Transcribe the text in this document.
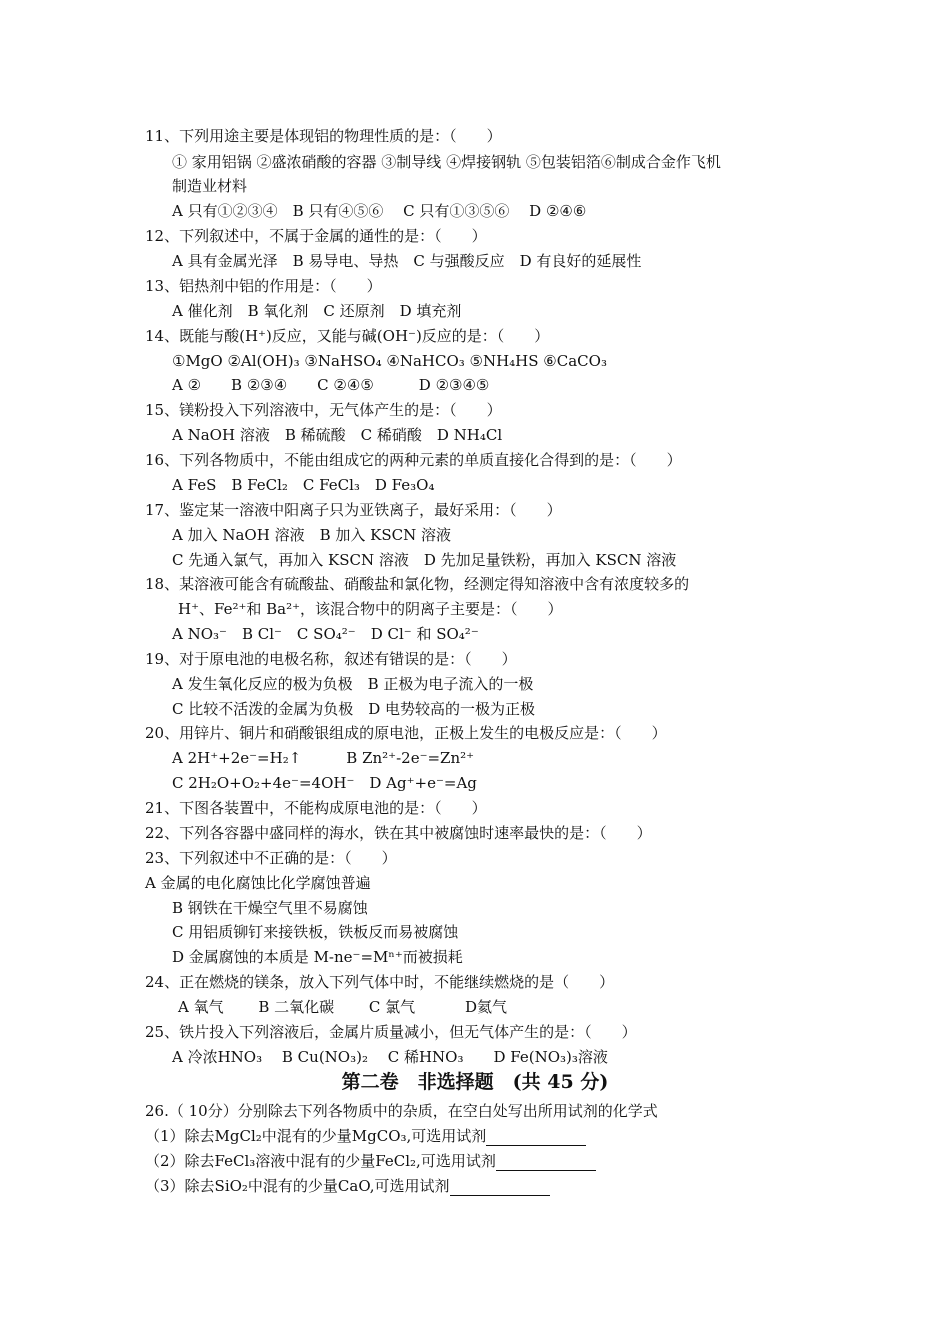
11、下列用途主要是体现铝的物理性质的是：（　　）
① 家用铝锅 ②盛浓硝酸的容器 ③制导线 ④焊接钢轨 ⑤包装铝箔⑥制成合金作飞机
制造业材料
A 只有①②③④　B 只有④⑤⑥　 C 只有①③⑤⑥　 D ②④⑥
12、下列叙述中，不属于金属的通性的是：（　　）
A 具有金属光泽　B 易导电、导热　C 与强酸反应　D 有良好的延展性
13、铝热剂中铝的作用是：（　　）
A 催化剂　B 氧化剂　C 还原剂　D 填充剂
14、既能与酸(H⁺)反应，又能与碱(OH⁻)反应的是：（　　）
①MgO ②Al(OH)₃ ③NaHSO₄ ④NaHCO₃ ⑤NH₄HS ⑥CaCO₃
A ②　　B ②③④　　C ②④⑤　　　D ②③④⑤
15、镁粉投入下列溶液中，无气体产生的是：（　　）
A NaOH 溶液　B 稀硫酸　C 稀硝酸　D NH₄Cl
16、下列各物质中，不能由组成它的两种元素的单质直接化合得到的是：（　　）
A FeS　B FeCl₂　C FeCl₃　D Fe₃O₄
17、鉴定某一溶液中阳离子只为亚铁离子，最好采用：（　　）
A 加入 NaOH 溶液　B 加入 KSCN 溶液
C 先通入氯气，再加入 KSCN 溶液　D 先加足量铁粉，再加入 KSCN 溶液
18、某溶液可能含有硫酸盐、硝酸盐和氯化物，经测定得知溶液中含有浓度较多的
H⁺、Fe²⁺和 Ba²⁺，该混合物中的阴离子主要是：（　　）
A NO₃⁻　B Cl⁻　C SO₄²⁻　D Cl⁻ 和 SO₄²⁻
19、对于原电池的电极名称，叙述有错误的是：（　　）
A 发生氧化反应的极为负极　B 正极为电子流入的一极
C 比较不活泼的金属为负极　D 电势较高的一极为正极
20、用锌片、铜片和硝酸银组成的原电池，正极上发生的电极反应是：（　　）
A 2H⁺+2e⁻=H₂↑　　　B Zn²⁺-2e⁻=Zn²⁺
C 2H₂O+O₂+4e⁻=4OH⁻　D Ag⁺+e⁻=Ag
21、下图各装置中，不能构成原电池的是：（　　）
22、下列各容器中盛同样的海水，铁在其中被腐蚀时速率最快的是：（　　）
23、下列叙述中不正确的是：（　　）
A 金属的电化腐蚀比化学腐蚀普遍
B 钢铁在干燥空气里不易腐蚀
C 用铝质铆钉来接铁板，铁板反而易被腐蚀
D 金属腐蚀的本质是 M-ne⁻=Mⁿ⁺而被损耗
24、正在燃烧的镁条，放入下列气体中时，不能继续燃烧的是（　　）
A 氧气　　 B 二氧化碳　　 C 氯气　　　 D氦气
25、铁片投入下列溶液后，金属片质量减小，但无气体产生的是：（　　）
A 冷浓HNO₃　 B Cu(NO₃)₂　 C 稀HNO₃　　D Fe(NO₃)₃溶液
第二卷　非选择题　(共 45 分)
26.（ 10分）分别除去下列各物质中的杂质，在空白处写出所用试剂的化学式
（1）除去MgCl₂中混有的少量MgCO₃,可选用试剂
（2）除去FeCl₃溶液中混有的少量FeCl₂,可选用试剂
（3）除去SiO₂中混有的少量CaO,可选用试剂
